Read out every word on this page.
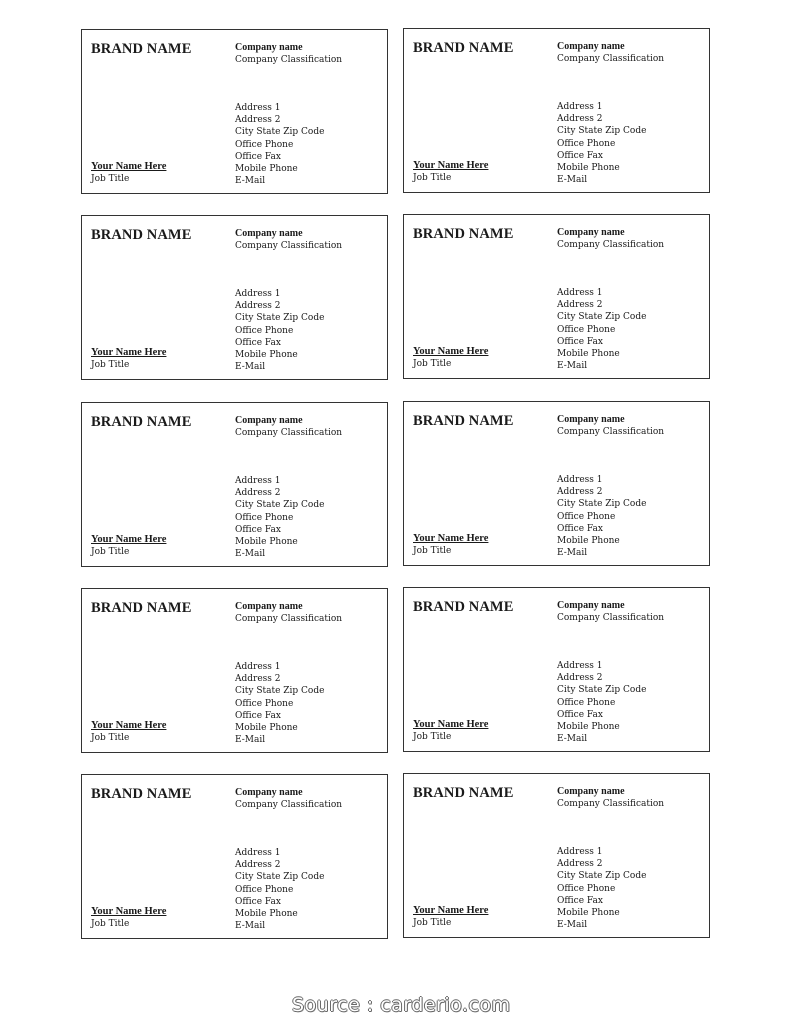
BRAND NAME	Company name
Company Classification
Address 1
Address 2
City State Zip Code
Office Phone
Office Fax
Mobile Phone
E-Mail
Your Name Here
Job Title
BRAND NAME	Company name
Company Classification
Address 1
Address 2
City State Zip Code
Office Phone
Office Fax
Mobile Phone
E-Mail
Your Name Here
Job Title
BRAND NAME	Company name
Company Classification
Address 1
Address 2
City State Zip Code
Office Phone
Office Fax
Mobile Phone
E-Mail
Your Name Here
Job Title
BRAND NAME	Company name
Company Classification
Address 1
Address 2
City State Zip Code
Office Phone
Office Fax
Mobile Phone
E-Mail
Your Name Here
Job Title
BRAND NAME	Company name
Company Classification
Address 1
Address 2
City State Zip Code
Office Phone
Office Fax
Mobile Phone
E-Mail
Your Name Here
Job Title
BRAND NAME	Company name
Company Classification
Address 1
Address 2
City State Zip Code
Office Phone
Office Fax
Mobile Phone
E-Mail
Your Name Here
Job Title
BRAND NAME	Company name
Company Classification
Address 1
Address 2
City State Zip Code
Office Phone
Office Fax
Mobile Phone
E-Mail
Your Name Here
Job Title
BRAND NAME	Company name
Company Classification
Address 1
Address 2
City State Zip Code
Office Phone
Office Fax
Mobile Phone
E-Mail
Your Name Here
Job Title
BRAND NAME	Company name
Company Classification
Address 1
Address 2
City State Zip Code
Office Phone
Office Fax
Mobile Phone
E-Mail
Your Name Here
Job Title
BRAND NAME	Company name
Company Classification
Address 1
Address 2
City State Zip Code
Office Phone
Office Fax
Mobile Phone
E-Mail
Your Name Here
Job Title
Source : carderio.com
